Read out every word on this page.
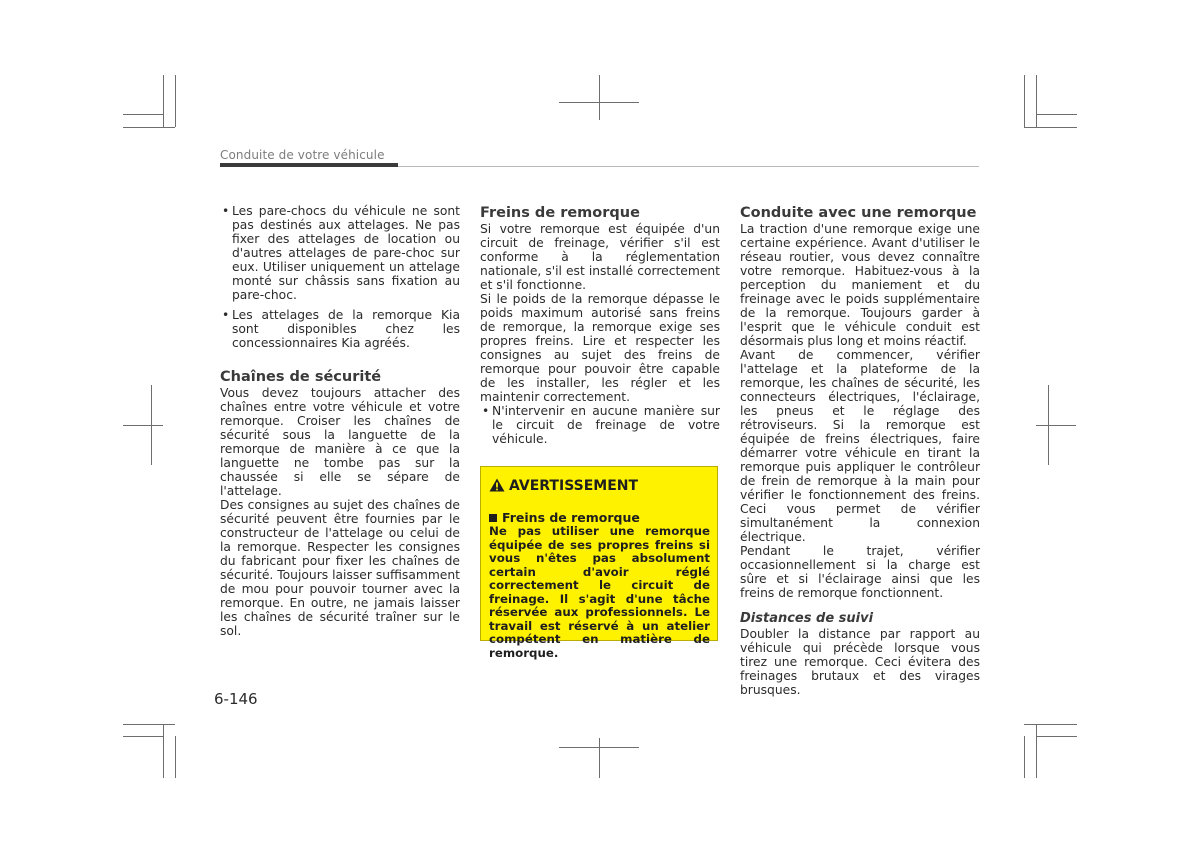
Conduite de votre véhicule

• Les pare-chocs du véhicule ne sont pas destinés aux attelages. Ne pas fixer des attelages de location ou d'autres attelages de pare-choc sur eux. Utiliser uniquement un attelage monté sur châssis sans fixation au pare-choc.

• Les attelages de la remorque Kia sont disponibles chez les concessionnaires Kia agréés.

Chaînes de sécurité

Vous devez toujours attacher des chaînes entre votre véhicule et votre remorque. Croiser les chaînes de sécurité sous la languette de la remorque de manière à ce que la languette ne tombe pas sur la chaussée si elle se sépare de l'attelage.

Des consignes au sujet des chaînes de sécurité peuvent être fournies par le constructeur de l'attelage ou celui de la remorque. Respecter les consignes du fabricant pour fixer les chaînes de sécurité. Toujours laisser suffisamment de mou pour pouvoir tourner avec la remorque. En outre, ne jamais laisser les chaînes de sécurité traîner sur le sol.

Freins de remorque

Si votre remorque est équipée d'un circuit de freinage, vérifier s'il est conforme à la réglementation nationale, s'il est installé correctement et s'il fonctionne.

Si le poids de la remorque dépasse le poids maximum autorisé sans freins de remorque, la remorque exige ses propres freins. Lire et respecter les consignes au sujet des freins de remorque pour pouvoir être capable de les installer, les régler et les maintenir correctement.

• N'intervenir en aucune manière sur le circuit de freinage de votre véhicule.

AVERTISSEMENT
Freins de remorque

Ne pas utiliser une remorque équipée de ses propres freins si vous n'êtes pas absolument certain d'avoir réglé correctement le circuit de freinage. Il s'agit d'une tâche réservée aux professionnels. Le travail est réservé à un atelier compétent en matière de remorque.

Conduite avec une remorque

La traction d'une remorque exige une certaine expérience. Avant d'utiliser le réseau routier, vous devez connaître votre remorque. Habituez-vous à la perception du maniement et du freinage avec le poids supplémentaire de la remorque. Toujours garder à l'esprit que le véhicule conduit est désormais plus long et moins réactif.

Avant de commencer, vérifier l'attelage et la plateforme de la remorque, les chaînes de sécurité, les connecteurs électriques, l'éclairage, les pneus et le réglage des rétroviseurs. Si la remorque est équipée de freins électriques, faire démarrer votre véhicule en tirant la remorque puis appliquer le contrôleur de frein de remorque à la main pour vérifier le fonctionnement des freins. Ceci vous permet de vérifier simultanément la connexion électrique.

Pendant le trajet, vérifier occasionnellement si la charge est sûre et si l'éclairage ainsi que les freins de remorque fonctionnent.

Distances de suivi

Doubler la distance par rapport au véhicule qui précède lorsque vous tirez une remorque. Ceci évitera des freinages brutaux et des virages brusques.

6-146
